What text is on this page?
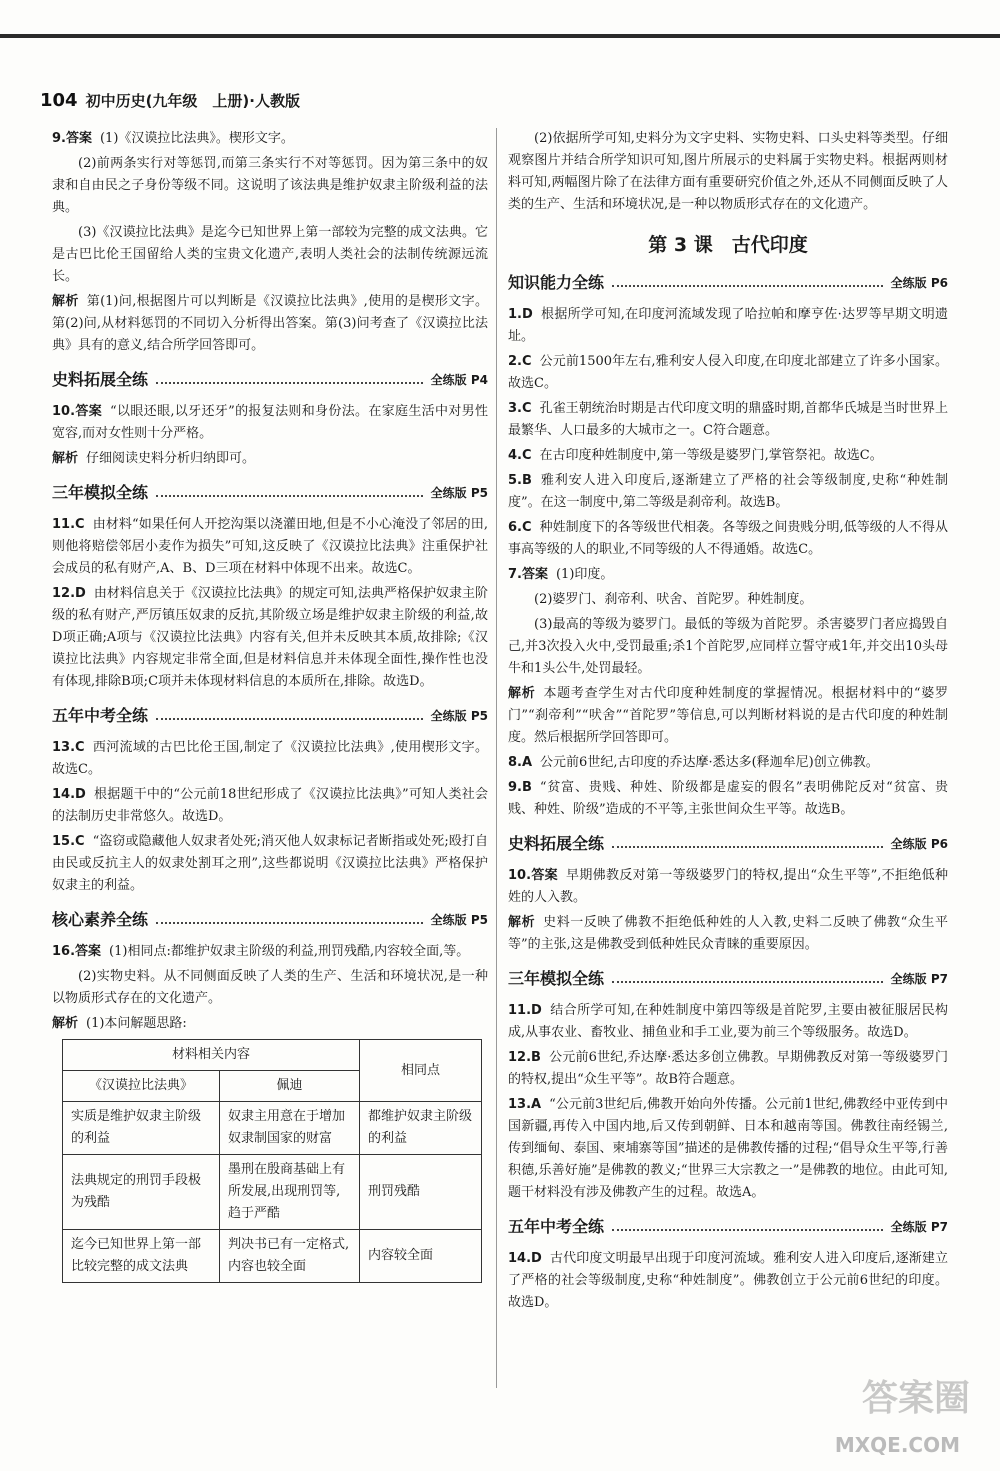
104 初中历史(九年级　上册)·人教版

9.答案 (1)《汉谟拉比法典》。楔形文字。

(2)前两条实行对等惩罚,而第三条实行不对等惩罚。因为第三条中的奴隶和自由民之子身份等级不同。这说明了该法典是维护奴隶主阶级利益的法典。

(3)《汉谟拉比法典》是迄今已知世界上第一部较为完整的成文法典。它是古巴比伦王国留给人类的宝贵文化遗产,表明人类社会的法制传统源远流长。

解析 第(1)问,根据图片可以判断是《汉谟拉比法典》,使用的是楔形文字。第(2)问,从材料惩罚的不同切入分析得出答案。第(3)问考查了《汉谟拉比法典》具有的意义,结合所学回答即可。

史料拓展全练	全练版 P4

10.答案 “以眼还眼,以牙还牙”的报复法则和身份法。在家庭生活中对男性宽容,而对女性则十分严格。

解析 仔细阅读史料分析归纳即可。

三年模拟全练	全练版 P5

11.C 由材料“如果任何人开挖沟渠以浇灌田地,但是不小心淹没了邻居的田,则他将赔偿邻居小麦作为损失”可知,这反映了《汉谟拉比法典》注重保护社会成员的私有财产,A、B、D三项在材料中体现不出来。故选C。

12.D 由材料信息关于《汉谟拉比法典》的规定可知,法典严格保护奴隶主阶级的私有财产,严厉镇压奴隶的反抗,其阶级立场是维护奴隶主阶级的利益,故D项正确;A项与《汉谟拉比法典》内容有关,但并未反映其本质,故排除;《汉谟拉比法典》内容规定非常全面,但是材料信息并未体现全面性,操作性也没有体现,排除B项;C项并未体现材料信息的本质所在,排除。故选D。

五年中考全练	全练版 P5

13.C 西河流域的古巴比伦王国,制定了《汉谟拉比法典》,使用楔形文字。故选C。

14.D 根据题干中的“公元前18世纪形成了《汉谟拉比法典》”可知人类社会的法制历史非常悠久。故选D。

15.C “盗窃或隐藏他人奴隶者处死;消灭他人奴隶标记者断指或处死;殴打自由民或反抗主人的奴隶处割耳之刑”,这些都说明《汉谟拉比法典》严格保护奴隶主的利益。

核心素养全练	全练版 P5

16.答案 (1)相同点:都维护奴隶主阶级的利益,刑罚残酷,内容较全面,等。

(2)实物史料。从不同侧面反映了人类的生产、生活和环境状况,是一种以物质形式存在的文化遗产。

解析 (1)本问解题思路:

材料相关内容		相同点
《汉谟拉比法典》	佩迪	
实质是维护奴隶主阶级的利益	奴隶主用意在于增加奴隶制国家的财富	都维护奴隶主阶级的利益
法典规定的刑罚手段极为残酷	墨刑在殷商基础上有所发展,出现刑罚等,趋于严酷	刑罚残酷
迄今已知世界上第一部比较完整的成文法典	判决书已有一定格式,内容也较全面	内容较全面

(2)依据所学可知,史料分为文字史料、实物史料、口头史料等类型。仔细观察图片并结合所学知识可知,图片所展示的史料属于实物史料。根据两则材料可知,两幅图片除了在法律方面有重要研究价值之外,还从不同侧面反映了人类的生产、生活和环境状况,是一种以物质形式存在的文化遗产。

第 3 课　古代印度
知识能力全练	全练版 P6

1.D 根据所学可知,在印度河流域发现了哈拉帕和摩亨佐·达罗等早期文明遗址。

2.C 公元前1500年左右,雅利安人侵入印度,在印度北部建立了许多小国家。故选C。

3.C 孔雀王朝统治时期是古代印度文明的鼎盛时期,首都华氏城是当时世界上最繁华、人口最多的大城市之一。C符合题意。

4.C 在古印度种姓制度中,第一等级是婆罗门,掌管祭祀。故选C。

5.B 雅利安人进入印度后,逐渐建立了严格的社会等级制度,史称“种姓制度”。在这一制度中,第二等级是刹帝利。故选B。

6.C 种姓制度下的各等级世代相袭。各等级之间贵贱分明,低等级的人不得从事高等级的人的职业,不同等级的人不得通婚。故选C。

7.答案 (1)印度。

(2)婆罗门、刹帝利、吠舍、首陀罗。种姓制度。

(3)最高的等级为婆罗门。最低的等级为首陀罗。杀害婆罗门者应捣毁自己,并3次投入火中,受罚最重;杀1个首陀罗,应同样立誓守戒1年,并交出10头母牛和1头公牛,处罚最轻。

解析 本题考查学生对古代印度种姓制度的掌握情况。根据材料中的“婆罗门”“刹帝利”“吠舍”“首陀罗”等信息,可以判断材料说的是古代印度的种姓制度。然后根据所学回答即可。

8.A 公元前6世纪,古印度的乔达摩·悉达多(释迦牟尼)创立佛教。

9.B “贫富、贵贱、种姓、阶级都是虚妄的假名”表明佛陀反对“贫富、贵贱、种姓、阶级”造成的不平等,主张世间众生平等。故选B。

史料拓展全练	全练版 P6

10.答案 早期佛教反对第一等级婆罗门的特权,提出“众生平等”,不拒绝低种姓的人入教。

解析 史料一反映了佛教不拒绝低种姓的人入教,史料二反映了佛教“众生平等”的主张,这是佛教受到低种姓民众青睐的重要原因。

三年模拟全练	全练版 P7

11.D 结合所学可知,在种姓制度中第四等级是首陀罗,主要由被征服居民构成,从事农业、畜牧业、捕鱼业和手工业,要为前三个等级服务。故选D。

12.B 公元前6世纪,乔达摩·悉达多创立佛教。早期佛教反对第一等级婆罗门的特权,提出“众生平等”。故B符合题意。

13.A “公元前3世纪后,佛教开始向外传播。公元前1世纪,佛教经中亚传到中国新疆,再传入中国内地,后又传到朝鲜、日本和越南等国。佛教往南经锡兰,传到缅甸、泰国、柬埔寨等国”描述的是佛教传播的过程;“倡导众生平等,行善积德,乐善好施”是佛教的教义;“世界三大宗教之一”是佛教的地位。由此可知,题干材料没有涉及佛教产生的过程。故选A。

五年中考全练	全练版 P7

14.D 古代印度文明最早出现于印度河流域。雅利安人进入印度后,逐渐建立了严格的社会等级制度,史称“种姓制度”。佛教创立于公元前6世纪的印度。故选D。

答案圈
MXQE.COM
